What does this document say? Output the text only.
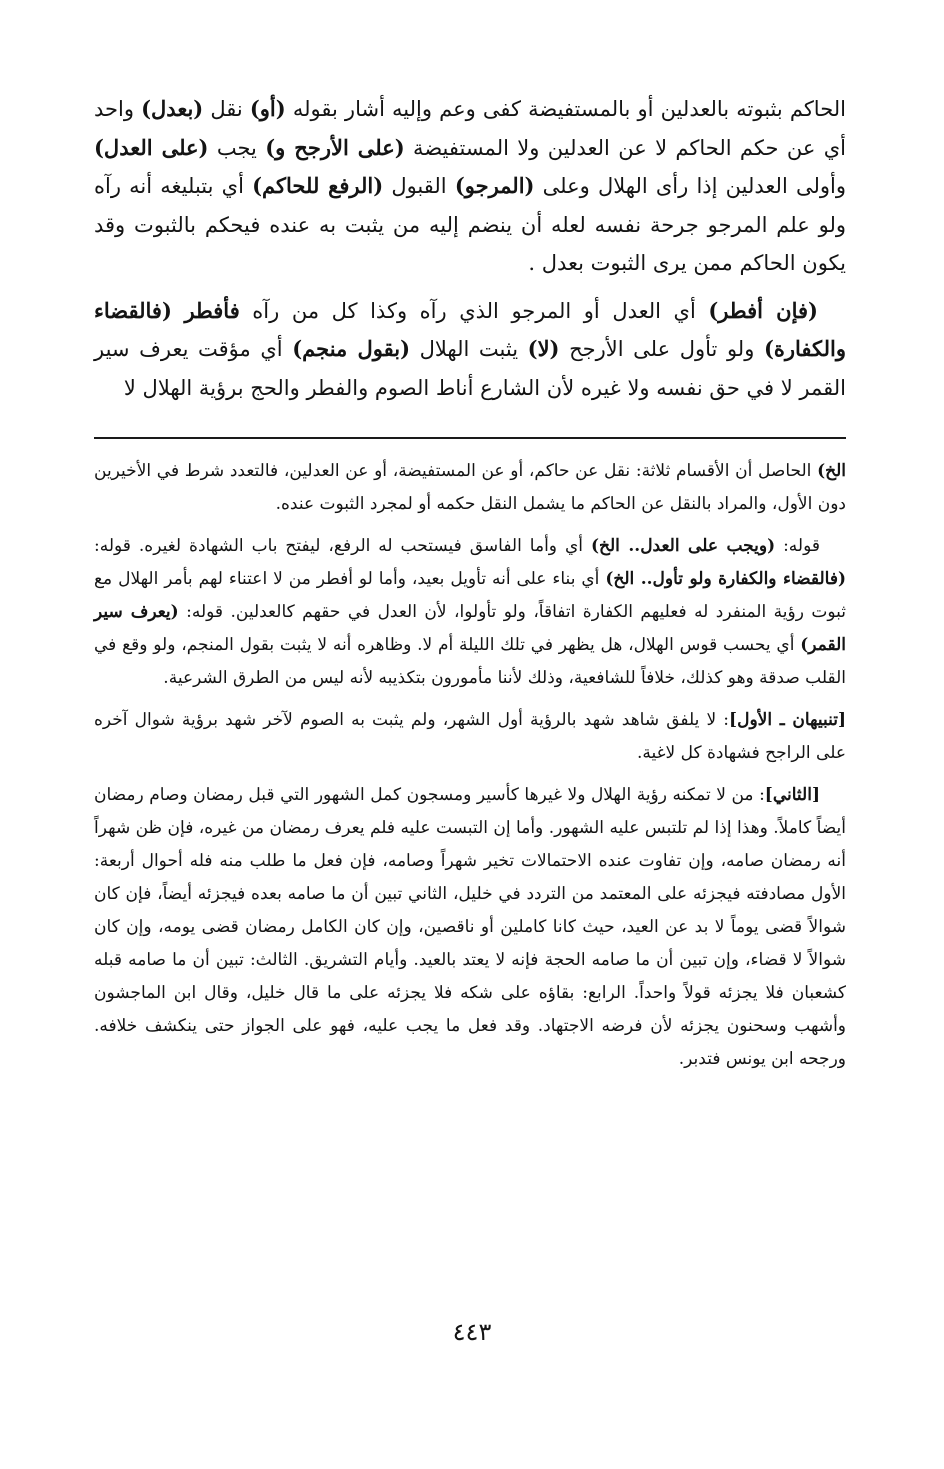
الحاكم بثبوته بالعدلين أو بالمستفيضة كفى وعم وإليه أشار بقوله (أو) نقل (بعدل) واحد أي عن حكم الحاكم لا عن العدلين ولا المستفيضة (على الأرجح و) يجب (على العدل) وأولى العدلين إذا رأى الهلال وعلى (المرجو) القبول (الرفع للحاكم) أي بتبليغه أنه رآه ولو علم المرجو جرحة نفسه لعله أن ينضم إليه من يثبت به عنده فيحكم بالثبوت وقد يكون الحاكم ممن يرى الثبوت بعدل .

(فإن أفطر) أي العدل أو المرجو الذي رآه وكذا كل من رآه فأفطر (فالقضاء والكفارة) ولو تأول على الأرجح (لا) يثبت الهلال (بقول منجم) أي مؤقت يعرف سير القمر لا في حق نفسه ولا غيره لأن الشارع أناط الصوم والفطر والحج برؤية الهلال لا

الخ) الحاصل أن الأقسام ثلاثة: نقل عن حاكم، أو عن المستفيضة، أو عن العدلين، فالتعدد شرط في الأخيرين دون الأول، والمراد بالنقل عن الحاكم ما يشمل النقل حكمه أو لمجرد الثبوت عنده.

قوله: (ويجب على العدل.. الخ) أي وأما الفاسق فيستحب له الرفع، ليفتح باب الشهادة لغيره. قوله: (فالقضاء والكفارة ولو تأول.. الخ) أي بناء على أنه تأويل بعيد، وأما لو أفطر من لا اعتناء لهم بأمر الهلال مع ثبوت رؤية المنفرد له فعليهم الكفارة اتفاقاً، ولو تأولوا، لأن العدل في حقهم كالعدلين. قوله: (يعرف سير القمر) أي يحسب قوس الهلال، هل يظهر في تلك الليلة أم لا. وظاهره أنه لا يثبت بقول المنجم، ولو وقع في القلب صدقة وهو كذلك، خلافاً للشافعية، وذلك لأننا مأمورون بتكذيبه لأنه ليس من الطرق الشرعية.

[تنبيهان ـ الأول]: لا يلفق شاهد شهد بالرؤية أول الشهر، ولم يثبت به الصوم لآخر شهد برؤية شوال آخره على الراجح فشهادة كل لاغية.

[الثاني]: من لا تمكنه رؤية الهلال ولا غيرها كأسير ومسجون كمل الشهور التي قبل رمضان وصام رمضان أيضاً كاملاً. وهذا إذا لم تلتبس عليه الشهور. وأما إن التبست عليه فلم يعرف رمضان من غيره، فإن ظن شهراً أنه رمضان صامه، وإن تفاوت عنده الاحتمالات تخير شهراً وصامه، فإن فعل ما طلب منه فله أحوال أربعة: الأول مصادفته فيجزئه على المعتمد من التردد في خليل، الثاني تبين أن ما صامه بعده فيجزئه أيضاً، فإن كان شوالاً قضى يوماً لا بد عن العيد، حيث كانا كاملين أو ناقصين، وإن كان الكامل رمضان قضى يومه، وإن كان شوالاً لا قضاء، وإن تبين أن ما صامه الحجة فإنه لا يعتد بالعيد. وأيام التشريق. الثالث: تبين أن ما صامه قبله كشعبان فلا يجزئه قولاً واحداً. الرابع: بقاؤه على شكه فلا يجزئه على ما قال خليل، وقال ابن الماجشون وأشهب وسحنون يجزئه لأن فرضه الاجتهاد. وقد فعل ما يجب عليه، فهو على الجواز حتى ينكشف خلافه. ورجحه ابن يونس فتدبر.

٤٤٣
